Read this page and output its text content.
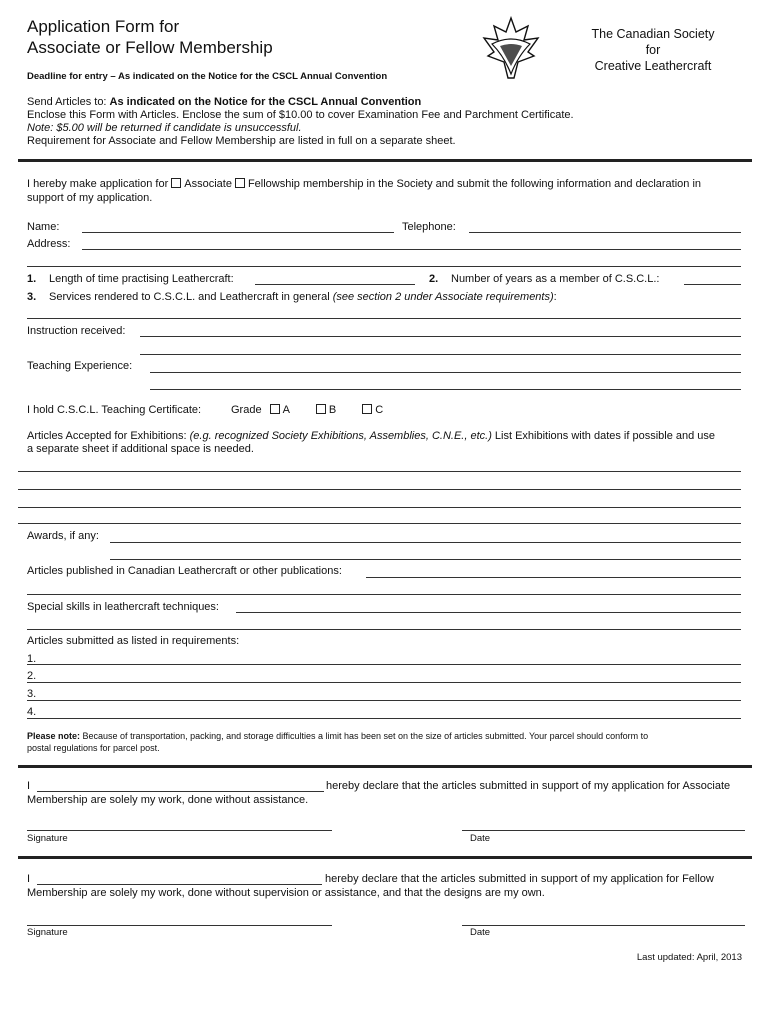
Application Form for
Associate or Fellow Membership
Deadline for entry – As indicated on the Notice for the CSCL Annual Convention
The Canadian Society
for
Creative Leathercraft
Send Articles to: As indicated on the Notice for the CSCL Annual Convention
Enclose this Form with Articles. Enclose the sum of $10.00 to cover Examination Fee and Parchment Certificate.
Note: $5.00 will be returned if candidate is unsuccessful.
Requirement for Associate and Fellow Membership are listed in full on a separate sheet.
I hereby make application for Associate Fellowship membership in the Society and submit the following information and declaration in
support of my application.
Name:	Telephone:
Address:
1. Length of time practising Leathercraft:	2. Number of years as a member of C.S.C.L.:
3. Services rendered to C.S.C.L. and Leathercraft in general (see section 2 under Associate requirements):
Instruction received:
Teaching Experience:
I hold C.S.C.L. Teaching Certificate:	Grade A	B	C
Articles Accepted for Exhibitions: (e.g. recognized Society Exhibitions, Assemblies, C.N.E., etc.) List Exhibitions with dates if possible and use
a separate sheet if additional space is needed.
Awards, if any:
Articles published in Canadian Leathercraft or other publications:
Special skills in leathercraft techniques:
Articles submitted as listed in requirements:
1.
2.
3.
4.
Please note: Because of transportation, packing, and storage difficulties a limit has been set on the size of articles submitted. Your parcel should conform to
postal regulations for parcel post.
I	hereby declare that the articles submitted in support of my application for Associate
Membership are solely my work, done without assistance.
Signature	Date
I	hereby declare that the articles submitted in support of my application for Fellow
Membership are solely my work, done without supervision or assistance, and that the designs are my own.
Signature	Date
Last updated: April, 2013
